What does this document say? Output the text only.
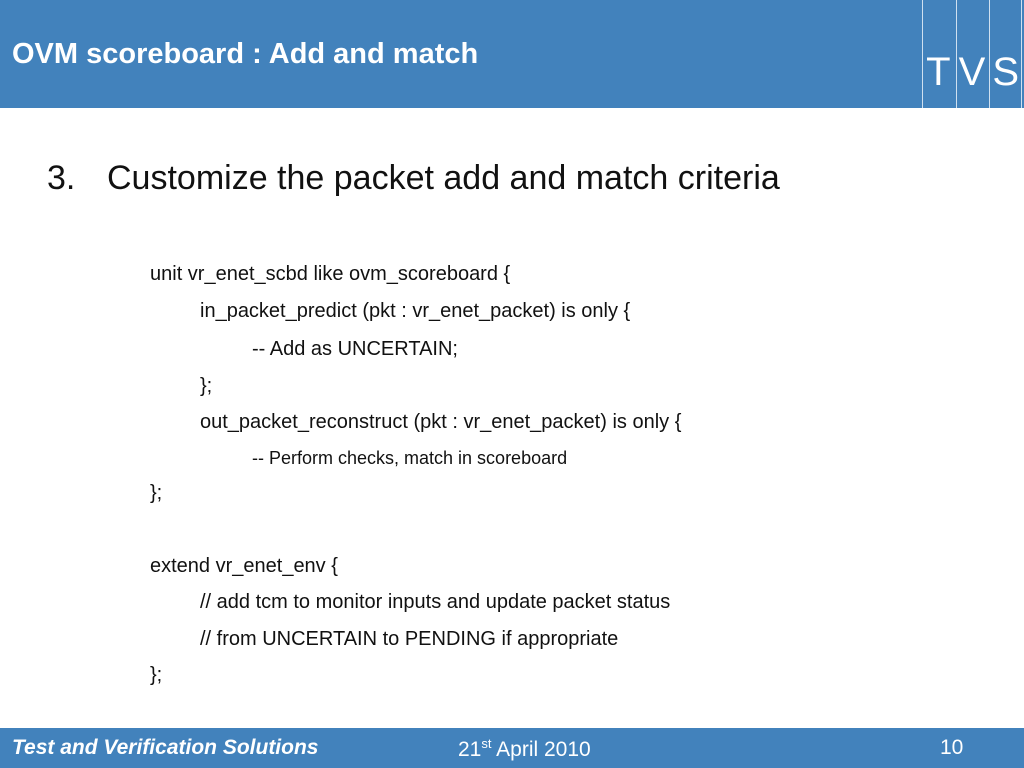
OVM scoreboard : Add and match	T V S
3. Customize the packet add and match criteria
unit vr_enet_scbd like ovm_scoreboard {
in_packet_predict (pkt : vr_enet_packet) is only {
-- Add as UNCERTAIN;
};
out_packet_reconstruct (pkt : vr_enet_packet) is only {
-- Perform checks, match in scoreboard
};
extend vr_enet_env {
// add tcm to monitor inputs and update packet status
// from UNCERTAIN to PENDING if appropriate
};
Test and Verification Solutions	21st April 2010	10
